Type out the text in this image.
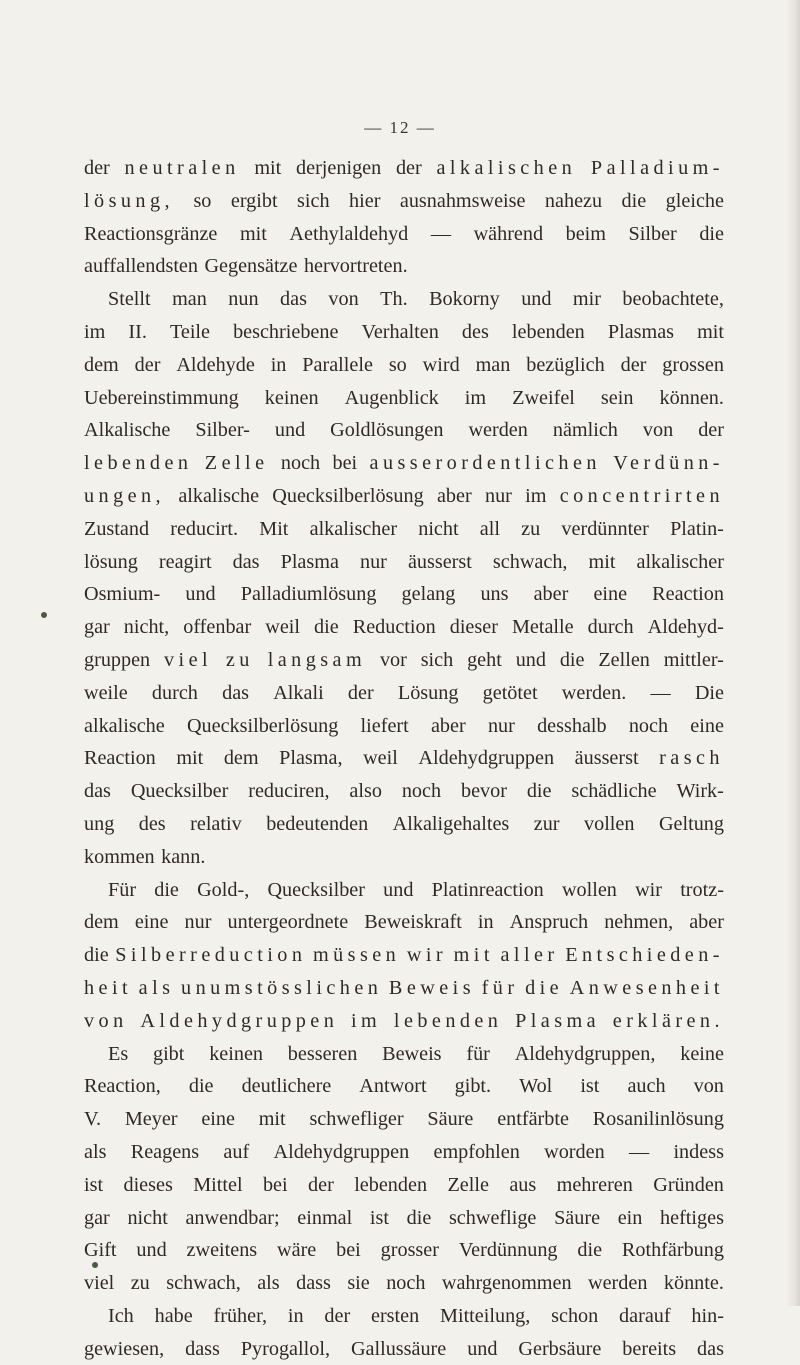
— 12 —
der neutralen mit derjenigen der alkalischen Palladium-
lösung, so ergibt sich hier ausnahmsweise nahezu die gleiche
Reactionsgränze mit Aethylaldehyd — während beim Silber die
auffallendsten Gegensätze hervortreten.
Stellt man nun das von Th. Bokorny und mir beobachtete,
im II. Teile beschriebene Verhalten des lebenden Plasmas mit
dem der Aldehyde in Parallele so wird man bezüglich der grossen
Uebereinstimmung keinen Augenblick im Zweifel sein können.
Alkalische Silber- und Goldlösungen werden nämlich von der
lebenden Zelle noch bei ausserordentlichen Verdünn-
ungen, alkalische Quecksilberlösung aber nur im concentrirten
Zustand reducirt. Mit alkalischer nicht all zu verdünnter Platin-
lösung reagirt das Plasma nur äusserst schwach, mit alkalischer
Osmium- und Palladiumlösung gelang uns aber eine Reaction
gar nicht, offenbar weil die Reduction dieser Metalle durch Aldehyd-
gruppen viel zu langsam vor sich geht und die Zellen mittler-
weile durch das Alkali der Lösung getötet werden. — Die
alkalische Quecksilberlösung liefert aber nur desshalb noch eine
Reaction mit dem Plasma, weil Aldehydgruppen äusserst rasch
das Quecksilber reduciren, also noch bevor die schädliche Wirk-
ung des relativ bedeutenden Alkaligehaltes zur vollen Geltung
kommen kann.
Für die Gold-, Quecksilber und Platinreaction wollen wir trotz-
dem eine nur untergeordnete Beweiskraft in Anspruch nehmen, aber
die Silberreduction müssen wir mit aller Entschieden-
heit als unumstösslichen Beweis für die Anwesenheit
von Aldehydgruppen im lebenden Plasma erklären.
Es gibt keinen besseren Beweis für Aldehydgruppen, keine
Reaction, die deutlichere Antwort gibt. Wol ist auch von
V. Meyer eine mit schwefliger Säure entfärbte Rosanilinlösung
als Reagens auf Aldehydgruppen empfohlen worden — indess
ist dieses Mittel bei der lebenden Zelle aus mehreren Gründen
gar nicht anwendbar; einmal ist die schweflige Säure ein heftiges
Gift und zweitens wäre bei grosser Verdünnung die Rothfärbung
viel zu schwach, als dass sie noch wahrgenommen werden könnte.
Ich habe früher, in der ersten Mitteilung, schon darauf hin-
gewiesen, dass Pyrogallol, Gallussäure und Gerbsäure bereits das
